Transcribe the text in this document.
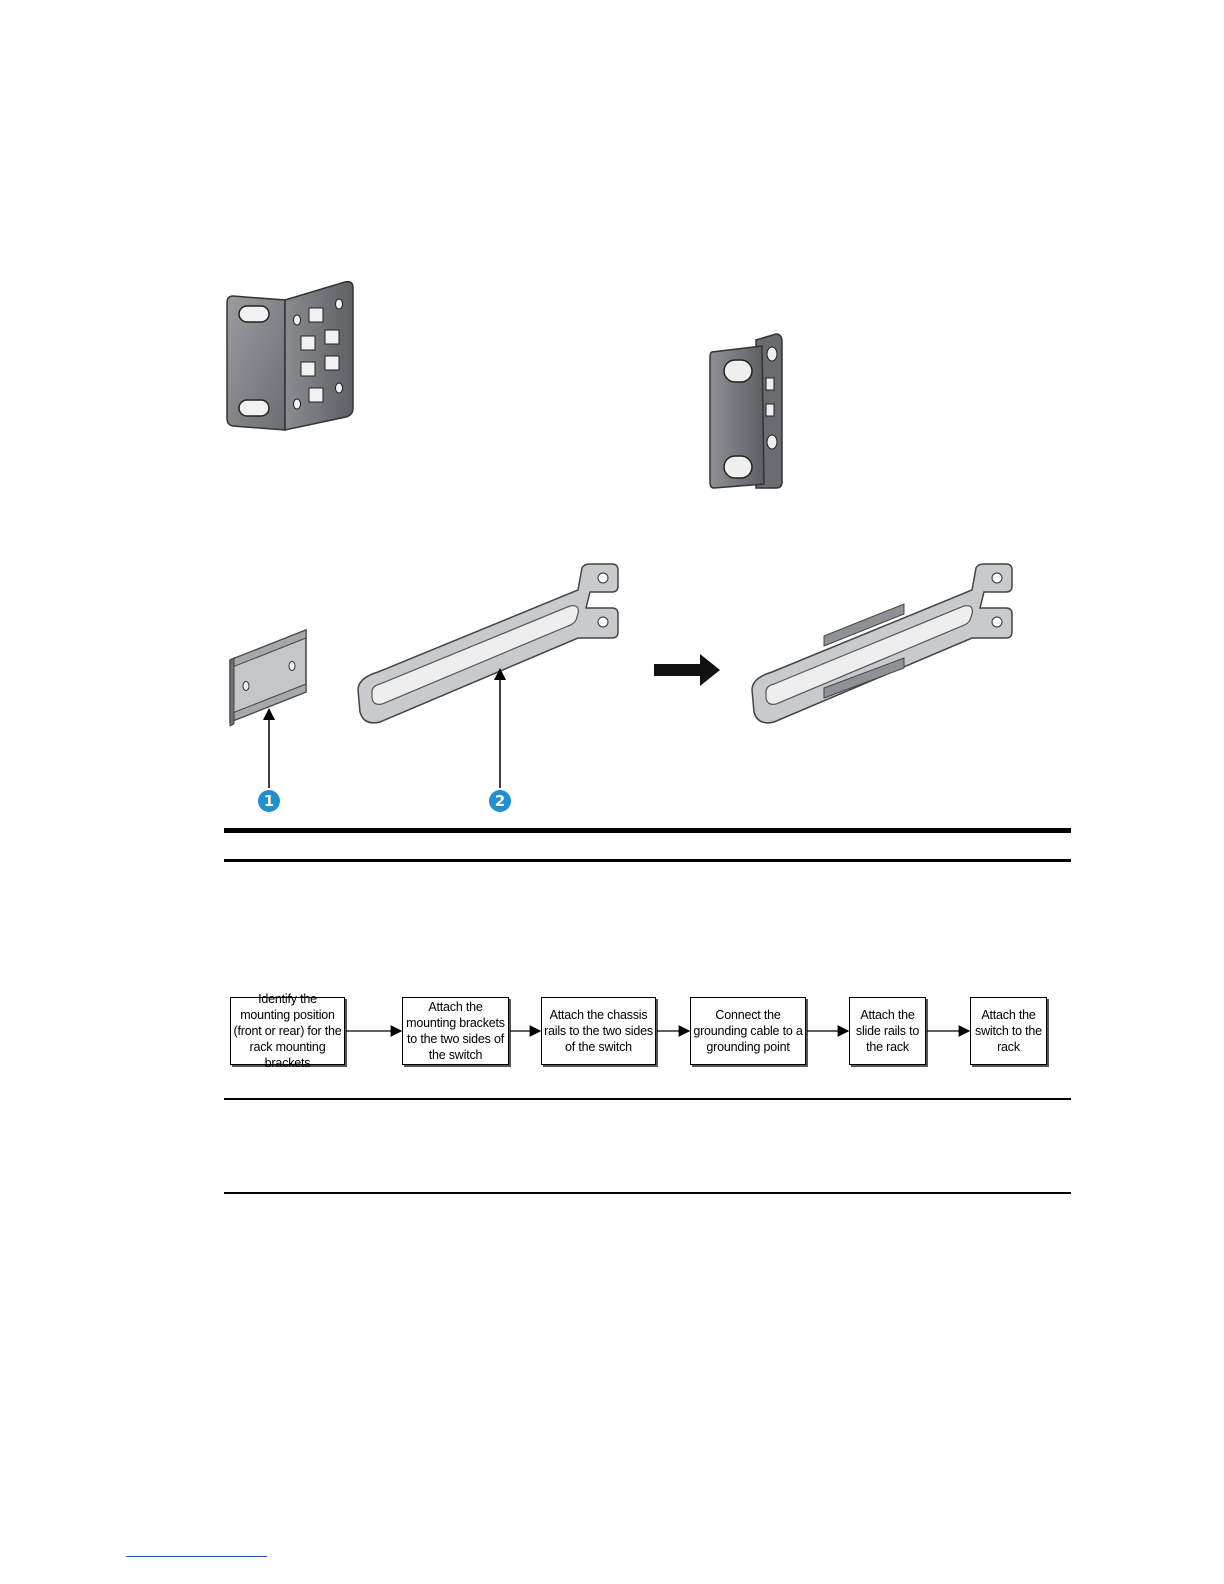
1	2
Identify the mounting position (front or rear) for the rack mounting brackets
Attach the mounting brackets to the two sides of the switch
Attach the chassis rails to the two sides of the switch
Connect the grounding cable to a grounding point
Attach the slide rails to the rack
Attach the switch to the rack
